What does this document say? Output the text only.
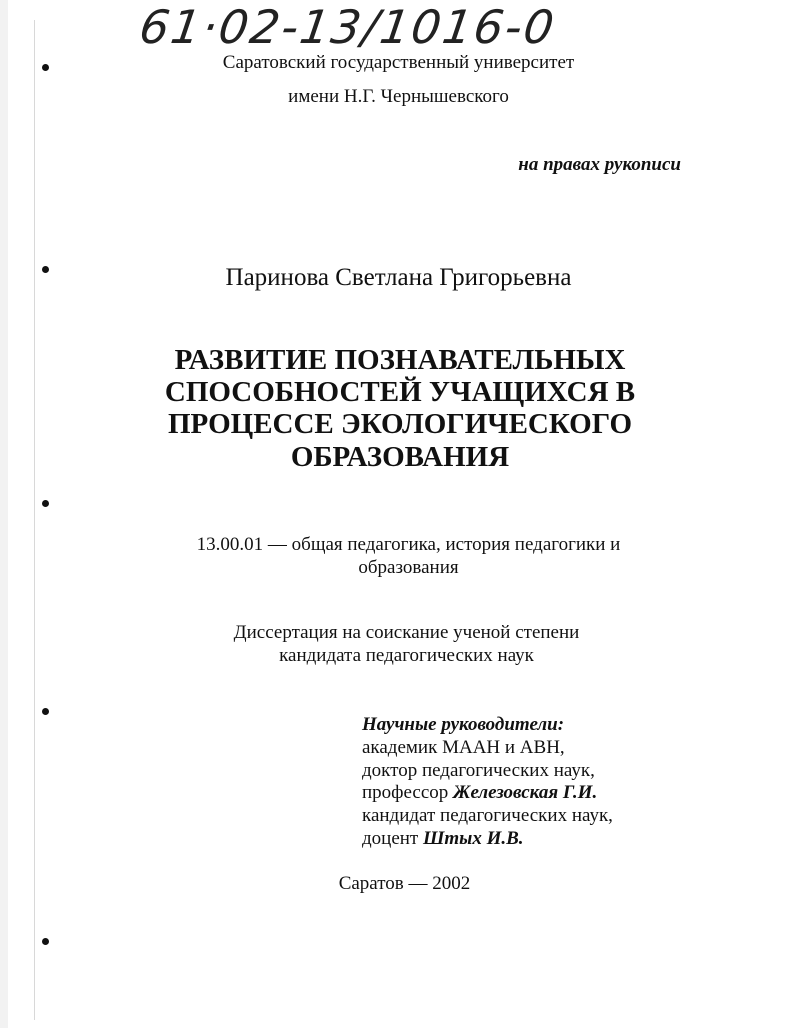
61·02-13/1016-0
Саратовский государственный университет
имени Н.Г. Чернышевского
на правах рукописи
Паринова Светлана Григорьевна
РАЗВИТИЕ ПОЗНАВАТЕЛЬНЫХ
СПОСОБНОСТЕЙ УЧАЩИХСЯ В
ПРОЦЕССЕ ЭКОЛОГИЧЕСКОГО
ОБРАЗОВАНИЯ
13.00.01 — общая педагогика, история педагогики и
образования
Диссертация на соискание ученой степени
кандидата педагогических наук
Научные руководители:
академик МААН и АВН,
доктор педагогических наук,
профессор Железовская Г.И.
кандидат педагогических наук,
доцент Штых И.В.
Саратов — 2002
